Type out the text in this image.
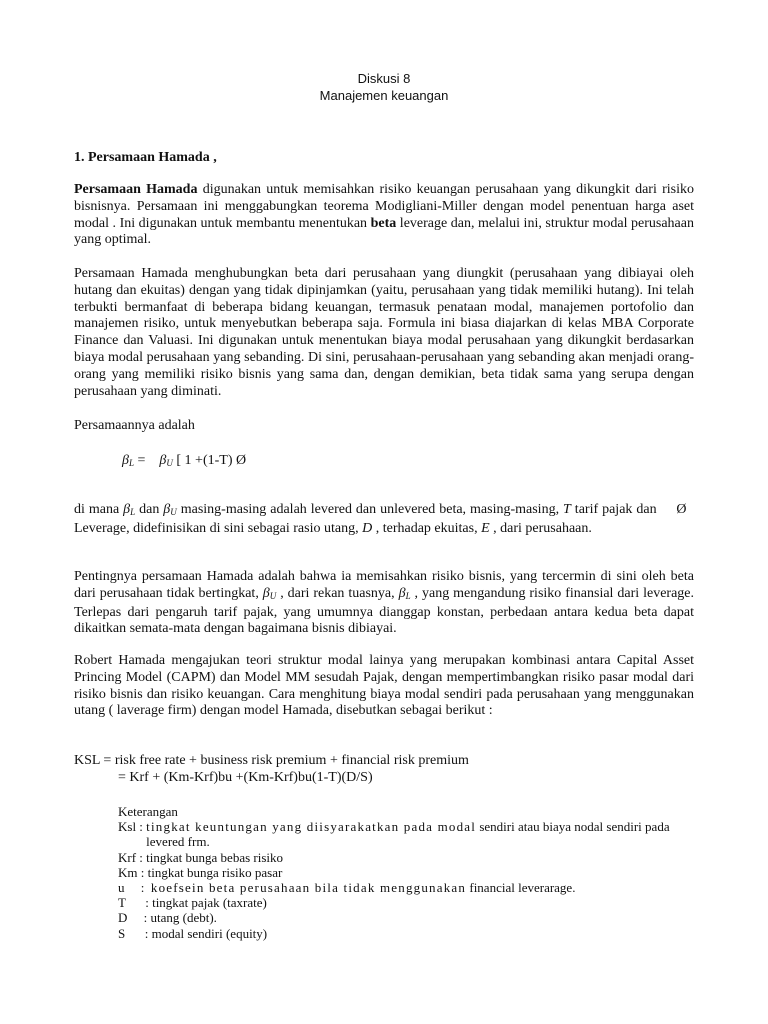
Diskusi 8
Manajemen keuangan
1. Persamaan Hamada ,
Persamaan Hamada digunakan untuk memisahkan risiko keuangan perusahaan yang dikungkit dari risiko bisnisnya. Persamaan ini menggabungkan teorema Modigliani-Miller dengan model penentuan harga aset modal . Ini digunakan untuk membantu menentukan beta leverage dan, melalui ini, struktur modal perusahaan yang optimal.
Persamaan Hamada menghubungkan beta dari perusahaan yang diungkit (perusahaan yang dibiayai oleh hutang dan ekuitas) dengan yang tidak dipinjamkan (yaitu, perusahaan yang tidak memiliki hutang). Ini telah terbukti bermanfaat di beberapa bidang keuangan, termasuk penataan modal, manajemen portofolio dan manajemen risiko, untuk menyebutkan beberapa saja. Formula ini biasa diajarkan di kelas MBA Corporate Finance dan Valuasi. Ini digunakan untuk menentukan biaya modal perusahaan yang dikungkit berdasarkan biaya modal perusahaan yang sebanding. Di sini, perusahaan-perusahaan yang sebanding akan menjadi orang-orang yang memiliki risiko bisnis yang sama dan, dengan demikian, beta tidak sama yang serupa dengan perusahaan yang diminati.
Persamaannya adalah
$\beta_L = \beta_U$ [ 1 +(1-T) Ø
di mana $\beta_L$ dan $\beta_U$ masing-masing adalah levered dan unlevered beta, masing-masing, T tarif pajak dan     Ø   Leverage, didefinisikan di sini sebagai rasio utang, D , terhadap ekuitas, E , dari perusahaan.
Pentingnya persamaan Hamada adalah bahwa ia memisahkan risiko bisnis, yang tercermin di sini oleh beta dari perusahaan tidak bertingkat, $\beta_U$ , dari rekan tuasnya, $\beta_L$ , yang mengandung risiko finansial dari leverage. Terlepas dari pengaruh tarif pajak, yang umumnya dianggap konstan, perbedaan antara kedua beta dapat dikaitkan semata-mata dengan bagaimana bisnis dibiayai.
Robert Hamada mengajukan teori struktur modal lainya yang merupakan kombinasi antara Capital Asset Princing Model (CAPM) dan Model MM sesudah Pajak, dengan mempertimbangkan risiko pasar modal dari risiko bisnis dan risiko keuangan. Cara menghitung biaya modal sendiri pada perusahaan yang menggunakan utang ( laverage firm) dengan model Hamada, disebutkan sebagai berikut :
KSL = risk free rate + business risk premium + financial risk premium
= Krf + (Km-Krf)bu +(Km-Krf)bu(1-T)(D/S)
Keterangan
Ksl : tingkat keuntungan yang diisyarakatkan pada modal sendiri atau biaya nodal sendiri pada levered frm.
Krf : tingkat bunga bebas risiko
Km : tingkat bunga risiko pasar
u     : koefsein beta perusahaan bila tidak menggunakan financial leverarage.
T      : tingkat pajak (taxrate)
D     : utang (debt).
S      : modal sendiri (equity)
